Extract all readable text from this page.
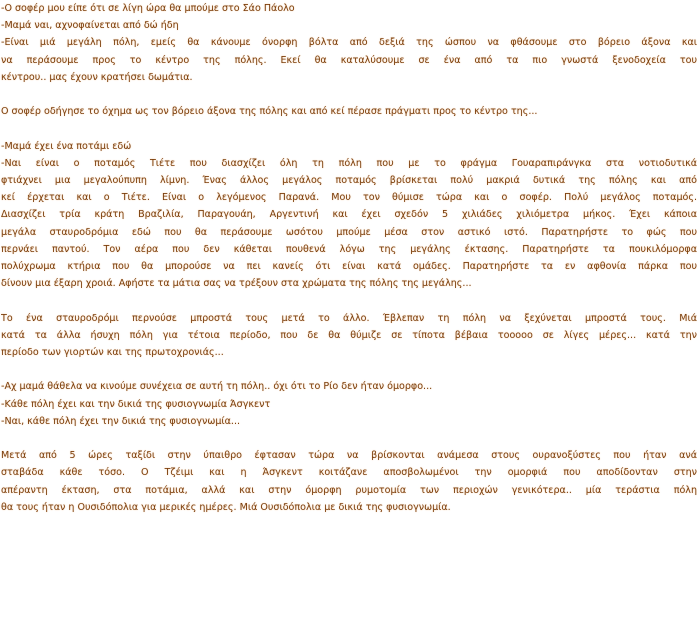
-Ο σοφέρ μου είπε ότι σε λίγη ώρα θα μπούμε στο Σάο Πάολο
-Μαμά ναι, αχνοφαίνεται από δώ ήδη
-Είναι μιά μεγάλη πόλη, εμείς θα κάνουμε όνορφη βόλτα από δεξιά της ώσπου να φθάσουμε στο βόρειο άξονα και
να περάσουμε προς το κέντρο της πόλης. Εκεί θα καταλύσουμε σε ένα από τα πιο γνωστά ξενοδοχεία του
κέντρου.. μας έχουν κρατήσει δωμάτια.
Ο σοφέρ οδήγησε το όχημα ως τον βόρειο άξονα της πόλης και από κεί πέρασε πράγματι προς το κέντρο της...
-Μαμά έχει ένα ποτάμι εδώ
-Ναι είναι ο ποταμός Τιέτε που διασχίζει όλη τη πόλη που με το φράγμα Γουαραπιράνγκα στα νοτιοδυτικά
φτιάχνει μια μεγαλούπυπη λίμνη. Ένας άλλος μεγάλος ποταμός βρίσκεται πολύ μακριά δυτικά της πόλης και από
κεί έρχεται και ο Τιέτε. Είναι ο λεγόμενος Παρανά. Μου τον θύμισε τώρα και ο σοφέρ. Πολύ μεγάλος ποταμός.
Διασχίζει τρία κράτη Βραζιλία, Παραγουάη, Αργεντινή και έχει σχεδόν 5 χιλιάδες χιλιόμετρα μήκος. Έχει κάποια
μεγάλα σταυροδρόμια εδώ που θα περάσουμε ωσότου μπούμε μέσα στον αστικό ιστό. Παρατηρήστε το φώς που
περνάει παντού. Τον αέρα που δεν κάθεται πουθενά λόγω της μεγάλης έκτασης. Παρατηρήστε τα πουκιλόμορφα
πολύχρωμα κτήρια που θα μπορούσε να πει κανείς ότι είναι κατά ομάδες. Παρατηρήστε τα εν αφθονία πάρκα που
δίνουν μια έξαρη χροιά. Αφήστε τα μάτια σας να τρέξουν στα χρώματα της πόλης της μεγάλης...
Το ένα σταυροδρόμι περνούσε μπροστά τους μετά το άλλο. Έβλεπαν τη πόλη να ξεχύνεται μπροστά τους. Μιά
κατά τα άλλα ήσυχη πόλη για τέτοια περίοδο, που δε θα θύμιζε σε τίποτα βέβαια τοοοοο σε λίγες μέρες... κατά την
περίοδο των γιορτών και της πρωτοχρονιάς...
-Αχ μαμά θάθελα να κινούμε συνέχεια σε αυτή τη πόλη.. όχι ότι το Ρίο δεν ήταν όμορφο...
-Κάθε πόλη έχει και την δικιά της φυσιογνωμία Άσγκεντ
-Ναι, κάθε πόλη έχει την δικιά της φυσιογνωμία...
Μετά από 5 ώρες ταξίδι στην ύπαιθρο έφτασαν τώρα να βρίσκονται ανάμεσα στους ουρανοξύστες που ήταν ανά
σταβάδα κάθε τόσο. Ο Τζέιμι και η Άσγκεντ κοιτάζανε αποσβολωμένοι την ομορφιά που αποδίδονταν στην
απέραντη έκταση, στα ποτάμια, αλλά και στην όμορφη ρυμοτομία των περιοχών γενικότερα.. μία τεράστια πόλη
θα τους ήταν η Ουσιδόπολια για μερικές ημέρες. Μιά Ουσιδόπολια με δικιά της φυσιογνωμία.
